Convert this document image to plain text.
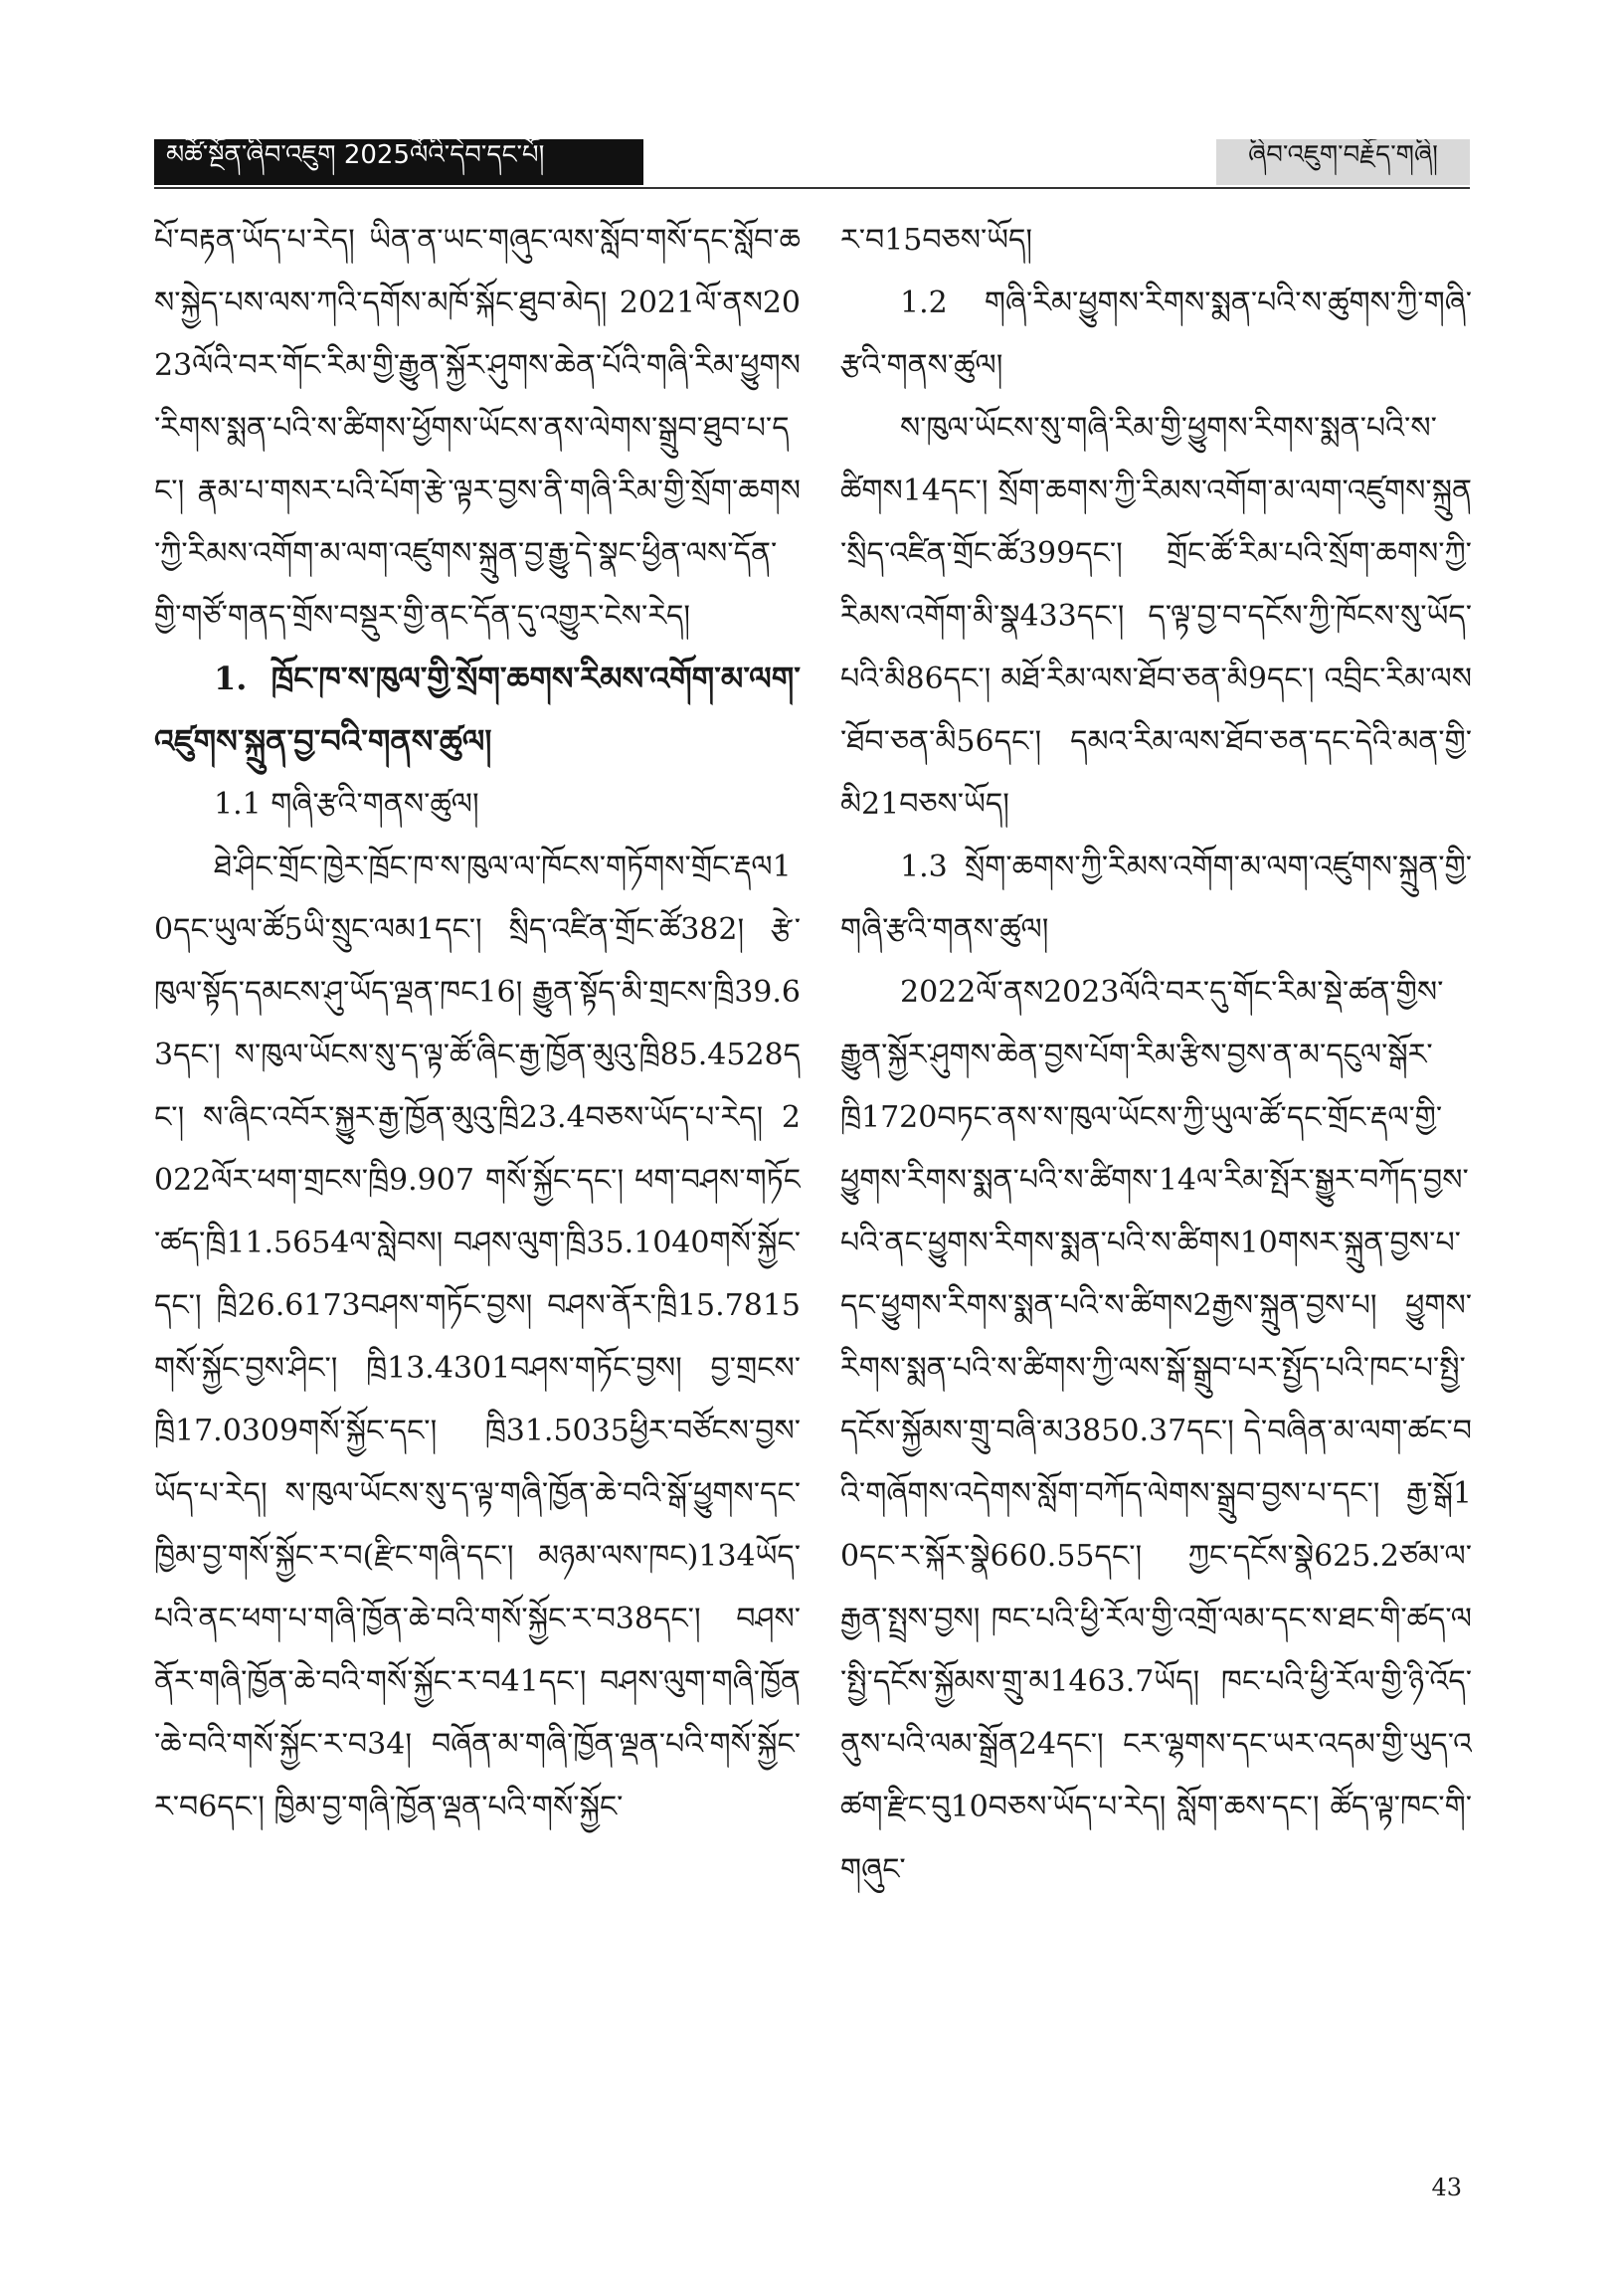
མཚོ་སྔོན་ཞིབ་འཇུག 2025ལོའི་དེབ་དང་པོ།	ཞིབ་འཇུག་བརྗོད་གཞི།

པོ་བརྟན་ཡོད་པ་རེད། ཡིན་ན་ཡང་གཞུང་ལས་སློབ་གསོ་དང་སློབ་ཆས་སྐྱེད་པས་ལས་ཀའི་དགོས་མཁོ་སྐོང་ཐུབ་མེད། 2021ལོ་ནས2023ལོའི་བར་གོང་རིམ་གྱི་རྒྱུན་སྐྱོར་ཤུགས་ཆེན་པོའི་གཞི་རིམ་ཕྱུགས་རིགས་སྨན་པའི་ས་ཚིགས་ཕྱོགས་ཡོངས་ནས་ལེགས་སྒྲུབ་ཐུབ་པ་དང་། རྣམ་པ་གསར་པའི་པོག་རྩེ་ལྟར་བྱས་ནི་གཞི་རིམ་གྱི་སྲོག་ཆགས་ཀྱི་རིམས་འགོག་མ་ལག་འཛུགས་སྐྲུན་བྱ་རྒྱུ་དེ་སྣང་ཕྱིན་ལས་དོན་གྱི་གཙོ་གནད་གྲོས་བསྡུར་གྱི་ནང་དོན་དུ་འགྱུར་ངེས་རེད།

1. ཁྲོང་ཁ་ས་ཁུལ་གྱི་སྲོག་ཆགས་རིམས་འགོག་མ་ལག་འཛུགས་སྐྲུན་བྱ་བའི་གནས་ཚུལ།

1.1 གཞི་རྩའི་གནས་ཚུལ།

ཐེ་ཤིང་གྲོང་ཁྱེར་ཁྲོང་ཁ་ས་ཁུལ་ལ་ཁོངས་གཏོགས་གྲོང་རྡལ10དང་ཡུལ་ཚོ5ཡི་སྲུང་ལམ1དང་། སྲིད་འཛིན་གྲོང་ཚོ382། རྩེ་ཁུལ་སྟོད་དམངས་ཤུ་ཡོད་ལྡན་ཁང16། རྒྱུན་སྟོད་མི་གྲངས་ཁྲི39.63དང་། ས་ཁུལ་ཡོངས་སུ་ད་ལྟ་ཚོ་ཞིང་རྒྱ་ཁྱོན་མུའུ་ཁྲི85.4528དང་། ས་ཞིང་འབོར་སྐྱུར་རྒྱ་ཁྱོན་མུའུ་ཁྲི23.4བཅས་ཡོད་པ་རེད། 2022ལོར་ཕག་གྲངས་ཁྲི9.907 གསོ་སྐྱོང་དང་། ཕག་བཤས་གཏོང་ཚད་ཁྲི11.5654ལ་སླེབས། བཤས་ལུག་ཁྲི35.1040གསོ་སྐྱོང་དང་། ཁྲི26.6173བཤས་གཏོང་བྱས། བཤས་ནོར་ཁྲི15.7815གསོ་སྐྱོང་བྱས་ཤིང་། ཁྲི13.4301བཤས་གཏོང་བྱས། བྱ་གྲངས་ཁྲི17.0309གསོ་སྐྱོང་དང་། ཁྲི31.5035ཕྱིར་བཙོངས་བྱས་ཡོད་པ་རེད། ས་ཁུལ་ཡོངས་སུ་ད་ལྟ་གཞི་ཁྱོན་ཆེ་བའི་སྒོ་ཕྱུགས་དང་ཁྱིམ་བྱ་གསོ་སྐྱོང་ར་བ(རྫིང་གཞི་དང་། མཉམ་ལས་ཁང)134ཡོད་པའི་ནང་ཕག་པ་གཞི་ཁྱོན་ཆེ་བའི་གསོ་སྐྱོང་ར་བ38དང་། བཤས་ནོར་གཞི་ཁྱོན་ཆེ་བའི་གསོ་སྐྱོང་ར་བ41དང་། བཤས་ལུག་གཞི་ཁྱོན་ཆེ་བའི་གསོ་སྐྱོང་ར་བ34། བཞོན་མ་གཞི་ཁྱོན་ལྡན་པའི་གསོ་སྐྱོང་ར་བ6དང་། ཁྱིམ་བྱ་གཞི་ཁྱོན་ལྡན་པའི་གསོ་སྐྱོང་

ར་བ15བཅས་ཡོད།

1.2 གཞི་རིམ་ཕྱུགས་རིགས་སྨན་པའི་ས་ཚུགས་ཀྱི་གཞི་རྩའི་གནས་ཚུལ།

ས་ཁུལ་ཡོངས་སུ་གཞི་རིམ་གྱི་ཕྱུགས་རིགས་སྨན་པའི་ས་ཚིགས14དང་། སྲོག་ཆགས་ཀྱི་རིམས་འགོག་མ་ལག་འཛུགས་སྐྲུན་སྲིད་འཛིན་གྲོང་ཚོ399དང་། གྲོང་ཚོ་རིམ་པའི་སྲོག་ཆགས་ཀྱི་རིམས་འགོག་མི་སྣ433དང་། ད་ལྟ་བྱ་བ་དངོས་ཀྱི་ཁོངས་སུ་ཡོད་པའི་མི86དང་། མཐོ་རིམ་ལས་ཐོབ་ཅན་མི9དང་། འབྲིང་རིམ་ལས་ཐོབ་ཅན་མི56དང་། དམའ་རིམ་ལས་ཐོབ་ཅན་དང་དེའི་མན་གྱི་མི21བཅས་ཡོད།

1.3 སྲོག་ཆགས་ཀྱི་རིམས་འགོག་མ་ལག་འཛུགས་སྐྲུན་གྱི་གཞི་རྩའི་གནས་ཚུལ།

2022ལོ་ནས2023ལོའི་བར་དུ་གོང་རིམ་སྡེ་ཚན་གྱིས་རྒྱུན་སྐྱོར་ཤུགས་ཆེན་བྱས་པོག་རིམ་རྩིས་བྱས་ན་མ་དངུལ་སྒོར་ཁྲི1720བཏང་ནས་ས་ཁུལ་ཡོངས་ཀྱི་ཡུལ་ཚོ་དང་གྲོང་རྡལ་གྱི་ཕྱུགས་རིགས་སྨན་པའི་ས་ཚིགས་14ལ་རིམ་སྤོར་སྒྱུར་བཀོད་བྱས་པའི་ནང་ཕྱུགས་རིགས་སྨན་པའི་ས་ཚིགས10གསར་སྐྲུན་བྱས་པ་དང་ཕྱུགས་རིགས་སྨན་པའི་ས་ཚིགས2རྒྱས་སྐྲུན་བྱས་པ། ཕྱུགས་རིགས་སྨན་པའི་ས་ཚིགས་ཀྱི་ལས་སྒོ་སྒྲུབ་པར་སྤྱོད་པའི་ཁང་པ་སྤྱི་དངོས་སྐྱོམས་གྲུ་བཞི་མ3850.37དང་། དེ་བཞིན་མ་ལག་ཚང་བའི་གཞོགས་འདེགས་སློག་བཀོད་ལེགས་སྒྲུབ་བྱས་པ་དང་། རྒྱ་སྒོ10དང་ར་སྐོར་སྣེ660.55དང་། ཀྱང་དངོས་སྣེ625.2ཙམ་ལ་རྒྱན་སྤྲས་བྱས། ཁང་པའི་ཕྱི་རོལ་གྱི་འགྲོ་ལམ་དང་ས་ཐང་གི་ཚད་ལ་སྤྱི་དངོས་སྐྱོམས་གྲུ་མ1463.7ཡོད། ཁང་པའི་ཕྱི་རོལ་གྱི་ཉི་འོད་ནུས་པའི་ལམ་སྒྲོན24དང་། ངར་ལྷགས་དང་ཡར་འདམ་གྱི་ཡུད་འཚག་རྫིང་བུ10བཅས་ཡོད་པ་རེད། སློག་ཆས་དང་། ཚོད་ལྟ་ཁང་གི་གཞུང་

43
